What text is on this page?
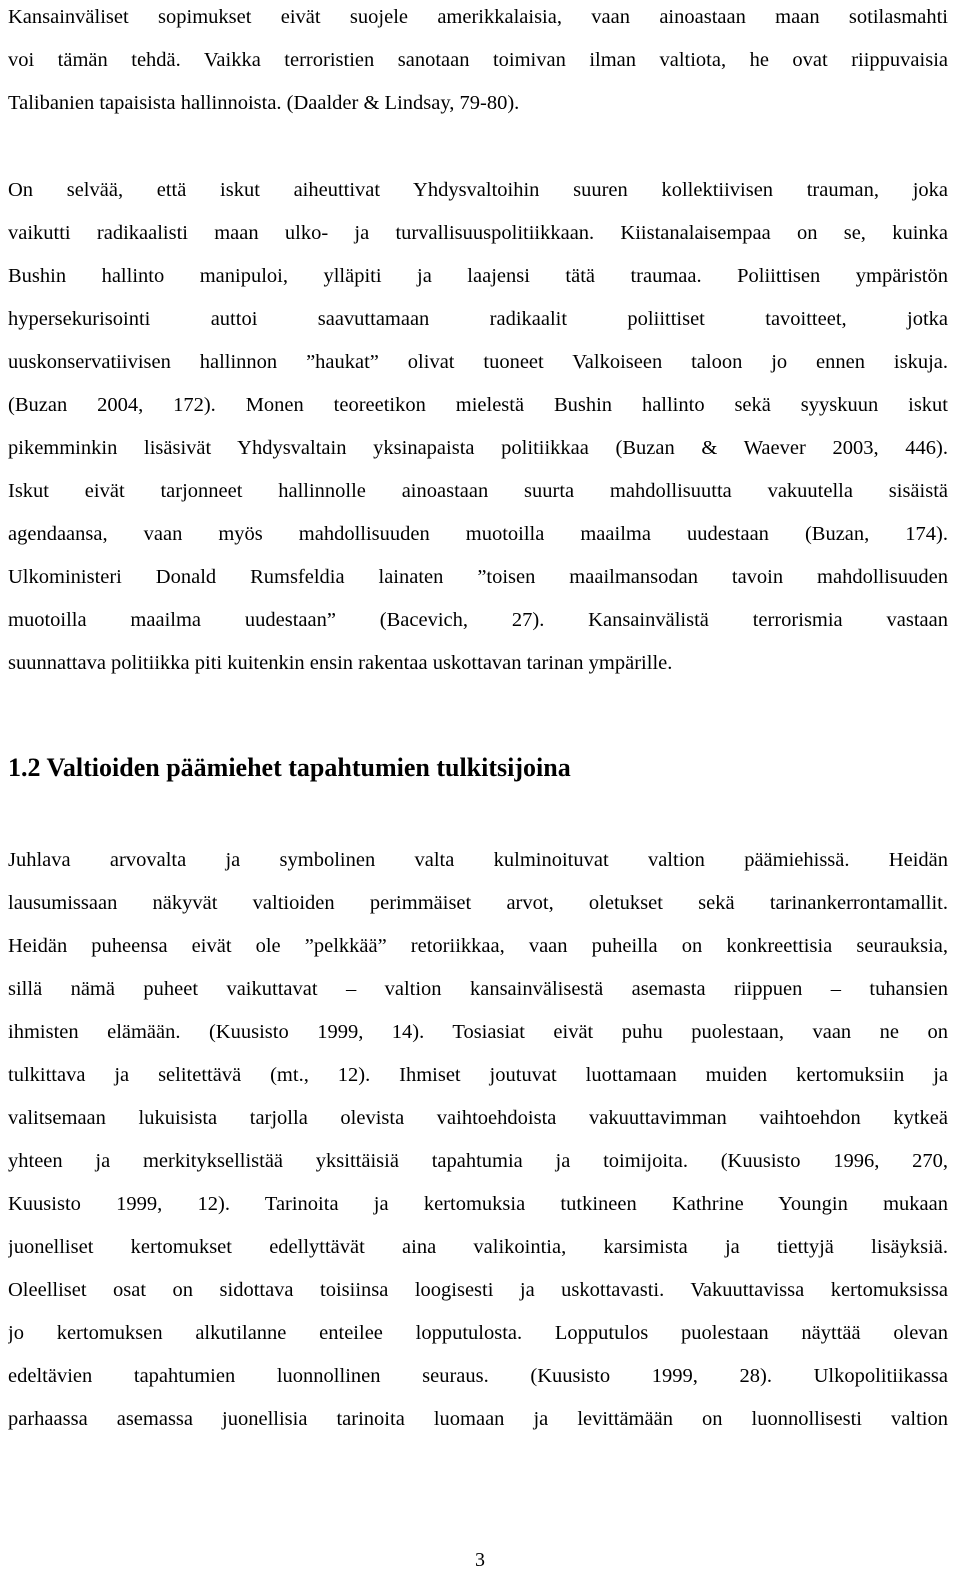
Kansainväliset sopimukset eivät suojele amerikkalaisia, vaan ainoastaan maan sotilasmahti
voi tämän tehdä. Vaikka terroristien sanotaan toimivan ilman valtiota, he ovat riippuvaisia
Talibanien tapaisista hallinnoista. (Daalder & Lindsay, 79-80).
On selvää, että iskut aiheuttivat Yhdysvaltoihin suuren kollektiivisen trauman, joka
vaikutti radikaalisti maan ulko- ja turvallisuuspolitiikkaan. Kiistanalaisempaa on se, kuinka
Bushin hallinto manipuloi, ylläpiti ja laajensi tätä traumaa. Poliittisen ympäristön
hypersekurisointi auttoi saavuttamaan radikaalit poliittiset tavoitteet, jotka
uuskonservatiivisen hallinnon ”haukat” olivat tuoneet Valkoiseen taloon jo ennen iskuja.
(Buzan 2004, 172). Monen teoreetikon mielestä Bushin hallinto sekä syyskuun iskut
pikemminkin lisäsivät Yhdysvaltain yksinapaista politiikkaa (Buzan & Waever 2003, 446).
Iskut eivät tarjonneet hallinnolle ainoastaan suurta mahdollisuutta vakuutella sisäistä
agendaansa, vaan myös mahdollisuuden muotoilla maailma uudestaan (Buzan, 174).
Ulkoministeri Donald Rumsfeldia lainaten ”toisen maailmansodan tavoin mahdollisuuden
muotoilla maailma uudestaan” (Bacevich, 27). Kansainvälistä terrorismia vastaan
suunnattava politiikka piti kuitenkin ensin rakentaa uskottavan tarinan ympärille.
1.2 Valtioiden päämiehet tapahtumien tulkitsijoina
Juhlava arvovalta ja symbolinen valta kulminoituvat valtion päämiehissä. Heidän
lausumissaan näkyvät valtioiden perimmäiset arvot, oletukset sekä tarinankerrontamallit.
Heidän puheensa eivät ole ”pelkkää” retoriikkaa, vaan puheilla on konkreettisia seurauksia,
sillä nämä puheet vaikuttavat – valtion kansainvälisestä asemasta riippuen – tuhansien
ihmisten elämään. (Kuusisto 1999, 14). Tosiasiat eivät puhu puolestaan, vaan ne on
tulkittava ja selitettävä (mt., 12). Ihmiset joutuvat luottamaan muiden kertomuksiin ja
valitsemaan lukuisista tarjolla olevista vaihtoehdoista vakuuttavimman vaihtoehdon kytkeä
yhteen ja merkityksellistää yksittäisiä tapahtumia ja toimijoita. (Kuusisto 1996, 270,
Kuusisto 1999, 12). Tarinoita ja kertomuksia tutkineen Kathrine Youngin mukaan
juonelliset kertomukset edellyttävät aina valikointia, karsimista ja tiettyjä lisäyksiä.
Oleelliset osat on sidottava toisiinsa loogisesti ja uskottavasti. Vakuuttavissa kertomuksissa
jo kertomuksen alkutilanne enteilee lopputulosta. Lopputulos puolestaan näyttää olevan
edeltävien tapahtumien luonnollinen seuraus. (Kuusisto 1999, 28). Ulkopolitiikassa
parhaassa asemassa juonellisia tarinoita luomaan ja levittämään on luonnollisesti valtion
3
